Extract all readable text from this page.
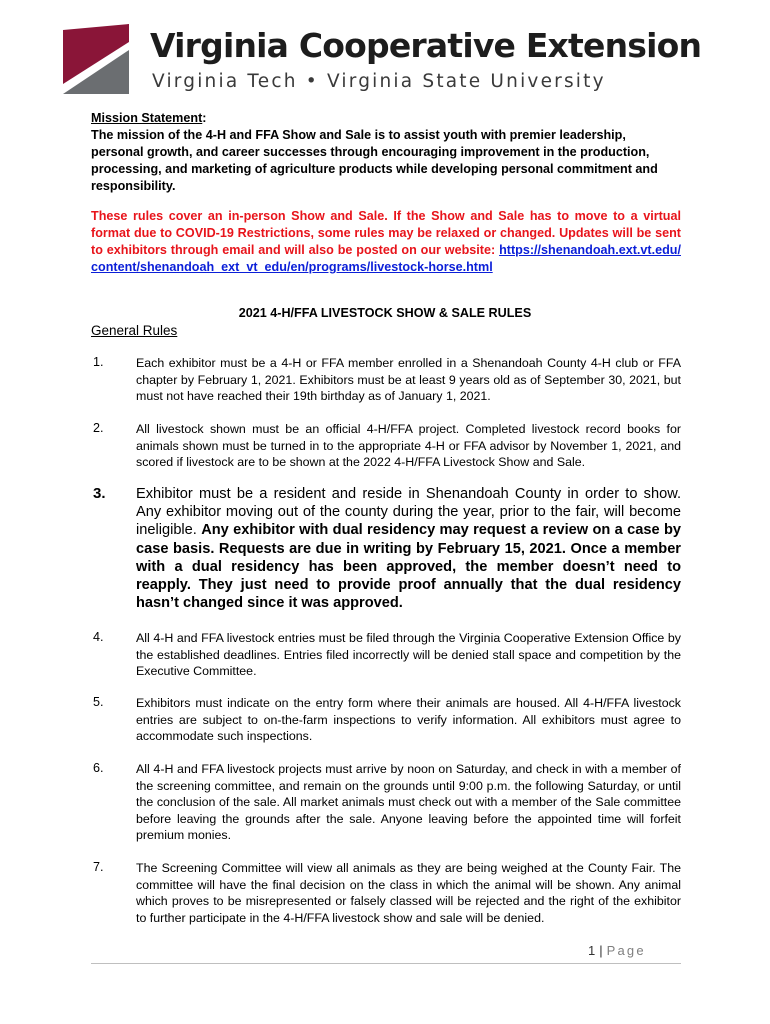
Virginia Cooperative Extension
Virginia Tech • Virginia State University
Mission Statement:
The mission of the 4-H and FFA Show and Sale is to assist youth with premier leadership, personal growth, and career successes through encouraging improvement in the production, processing, and marketing of agriculture products while developing personal commitment and responsibility.
These rules cover an in-person Show and Sale. If the Show and Sale has to move to a virtual format due to COVID-19 Restrictions, some rules may be relaxed or changed. Updates will be sent to exhibitors through email and will also be posted on our website: https://shenandoah.ext.vt.edu/content/shenandoah_ext_vt_edu/en/programs/livestock-horse.html
2021 4-H/FFA LIVESTOCK SHOW & SALE RULES
General Rules
1.	Each exhibitor must be a 4-H or FFA member enrolled in a Shenandoah County 4-H club or FFA chapter by February 1, 2021. Exhibitors must be at least 9 years old as of September 30, 2021, but must not have reached their 19th birthday as of January 1, 2021.
2.	All livestock shown must be an official 4-H/FFA project. Completed livestock record books for animals shown must be turned in to the appropriate 4-H or FFA advisor by November 1, 2021, and scored if livestock are to be shown at the 2022 4-H/FFA Livestock Show and Sale.
3. Exhibitor must be a resident and reside in Shenandoah County in order to show. Any exhibitor moving out of the county during the year, prior to the fair, will become ineligible. Any exhibitor with dual residency may request a review on a case by case basis. Requests are due in writing by February 15, 2021. Once a member with a dual residency has been approved, the member doesn’t need to reapply. They just need to provide proof annually that the dual residency hasn’t changed since it was approved.
4.	All 4-H and FFA livestock entries must be filed through the Virginia Cooperative Extension Office by the established deadlines. Entries filed incorrectly will be denied stall space and competition by the Executive Committee.
5.	Exhibitors must indicate on the entry form where their animals are housed. All 4-H/FFA livestock entries are subject to on-the-farm inspections to verify information. All exhibitors must agree to accommodate such inspections.
6.	All 4-H and FFA livestock projects must arrive by noon on Saturday, and check in with a member of the screening committee, and remain on the grounds until 9:00 p.m. the following Saturday, or until the conclusion of the sale. All market animals must check out with a member of the Sale committee before leaving the grounds after the sale. Anyone leaving before the appointed time will forfeit premium monies.
7.	The Screening Committee will view all animals as they are being weighed at the County Fair. The committee will have the final decision on the class in which the animal will be shown. Any animal which proves to be misrepresented or falsely classed will be rejected and the right of the exhibitor to further participate in the 4-H/FFA livestock show and sale will be denied.
1 | Page
